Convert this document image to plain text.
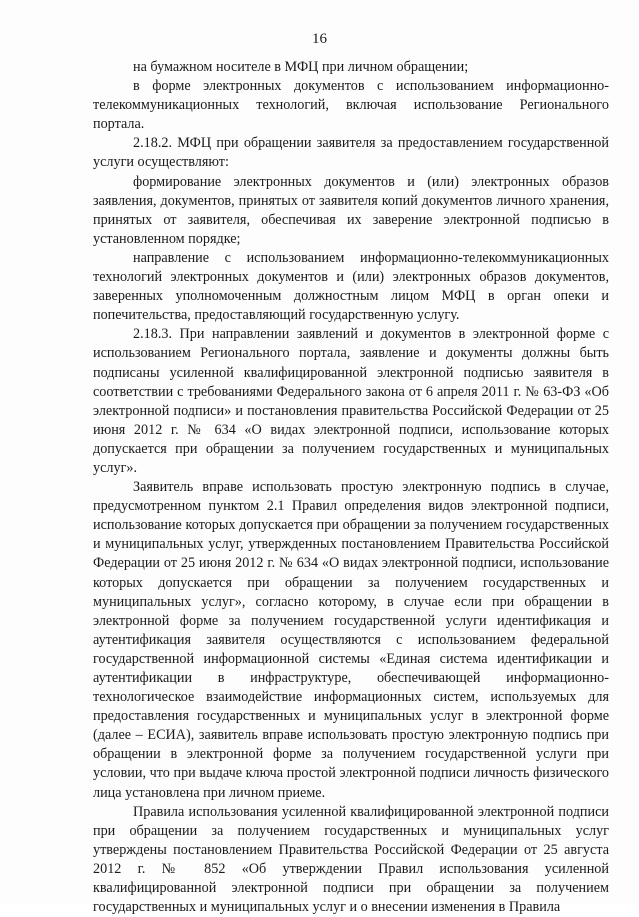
16

на бумажном носителе в МФЦ при личном обращении;

в форме электронных документов с использованием информационно-телекоммуникационных технологий, включая использование Регионального портала.

2.18.2. МФЦ при обращении заявителя за предоставлением государственной услуги осуществляют:

формирование электронных документов и (или) электронных образов заявления, документов, принятых от заявителя копий документов личного хранения, принятых от заявителя, обеспечивая их заверение электронной подписью в установленном порядке;

направление с использованием информационно-телекоммуникационных технологий электронных документов и (или) электронных образов документов, заверенных уполномоченным должностным лицом МФЦ в орган опеки и попечительства, предоставляющий государственную услугу.

2.18.3. При направлении заявлений и документов в электронной форме с использованием Регионального портала, заявление и документы должны быть подписаны усиленной квалифицированной электронной подписью заявителя в соответствии с требованиями Федерального закона от 6 апреля 2011 г. № 63-ФЗ «Об электронной подписи» и постановления правительства Российской Федерации от 25 июня 2012 г. № 634 «О видах электронной подписи, использование которых допускается при обращении за получением государственных и муниципальных услуг».

Заявитель вправе использовать простую электронную подпись в случае, предусмотренном пунктом 2.1 Правил определения видов электронной подписи, использование которых допускается при обращении за получением государственных и муниципальных услуг, утвержденных постановлением Правительства Российской Федерации от 25 июня 2012 г. № 634 «О видах электронной подписи, использование которых допускается при обращении за получением государственных и муниципальных услуг», согласно которому, в случае если при обращении в электронной форме за получением государственной услуги идентификация и аутентификация заявителя осуществляются с использованием федеральной государственной информационной системы «Единая система идентификации и аутентификации в инфраструктуре, обеспечивающей информационно-технологическое взаимодействие информационных систем, используемых для предоставления государственных и муниципальных услуг в электронной форме (далее – ЕСИА), заявитель вправе использовать простую электронную подпись при обращении в электронной форме за получением государственной услуги при условии, что при выдаче ключа простой электронной подписи личность физического лица установлена при личном приеме.

Правила использования усиленной квалифицированной электронной подписи при обращении за получением государственных и муниципальных услуг утверждены постановлением Правительства Российской Федерации от 25 августа 2012 г. № 852 «Об утверждении Правил использования усиленной квалифицированной электронной подписи при обращении за получением государственных и муниципальных услуг и о внесении изменения в Правила
